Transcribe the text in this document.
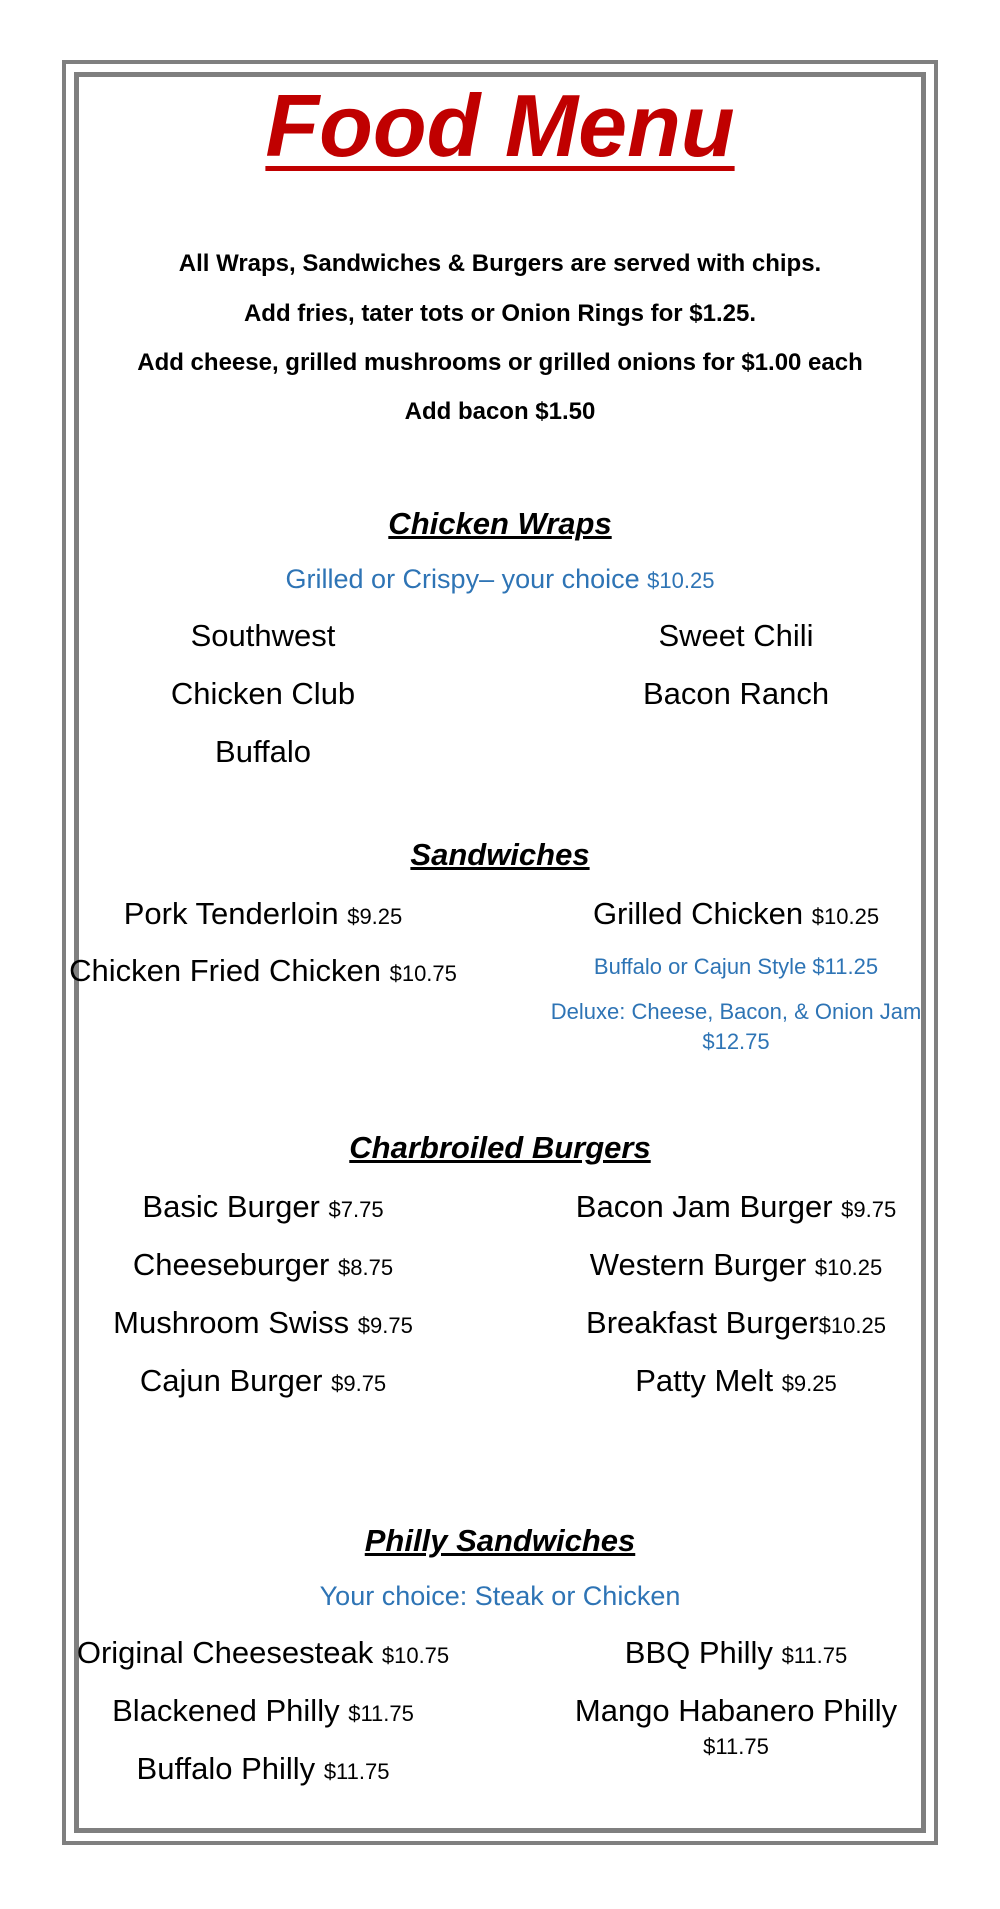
Food Menu
All Wraps, Sandwiches & Burgers are served with chips.
Add fries, tater tots or Onion Rings for $1.25.
Add cheese, grilled mushrooms or grilled onions for $1.00 each
Add bacon $1.50
Chicken Wraps
Grilled or Crispy– your choice $10.25
Southwest	Sweet Chili
Chicken Club	Bacon Ranch
Buffalo
Sandwiches
Pork Tenderloin $9.25	Grilled Chicken $10.25
Chicken Fried Chicken $10.75	Buffalo or Cajun Style $11.25
Deluxe: Cheese, Bacon, & Onion Jam $12.75
Charbroiled Burgers
Basic Burger $7.75	Bacon Jam Burger $9.75
Cheeseburger $8.75	Western Burger $10.25
Mushroom Swiss $9.75	Breakfast Burger$10.25
Cajun Burger $9.75	Patty Melt $9.25
Philly Sandwiches
Your choice: Steak or Chicken
Original Cheesesteak $10.75	BBQ Philly $11.75
Blackened Philly $11.75	Mango Habanero Philly
$11.75
Buffalo Philly $11.75
